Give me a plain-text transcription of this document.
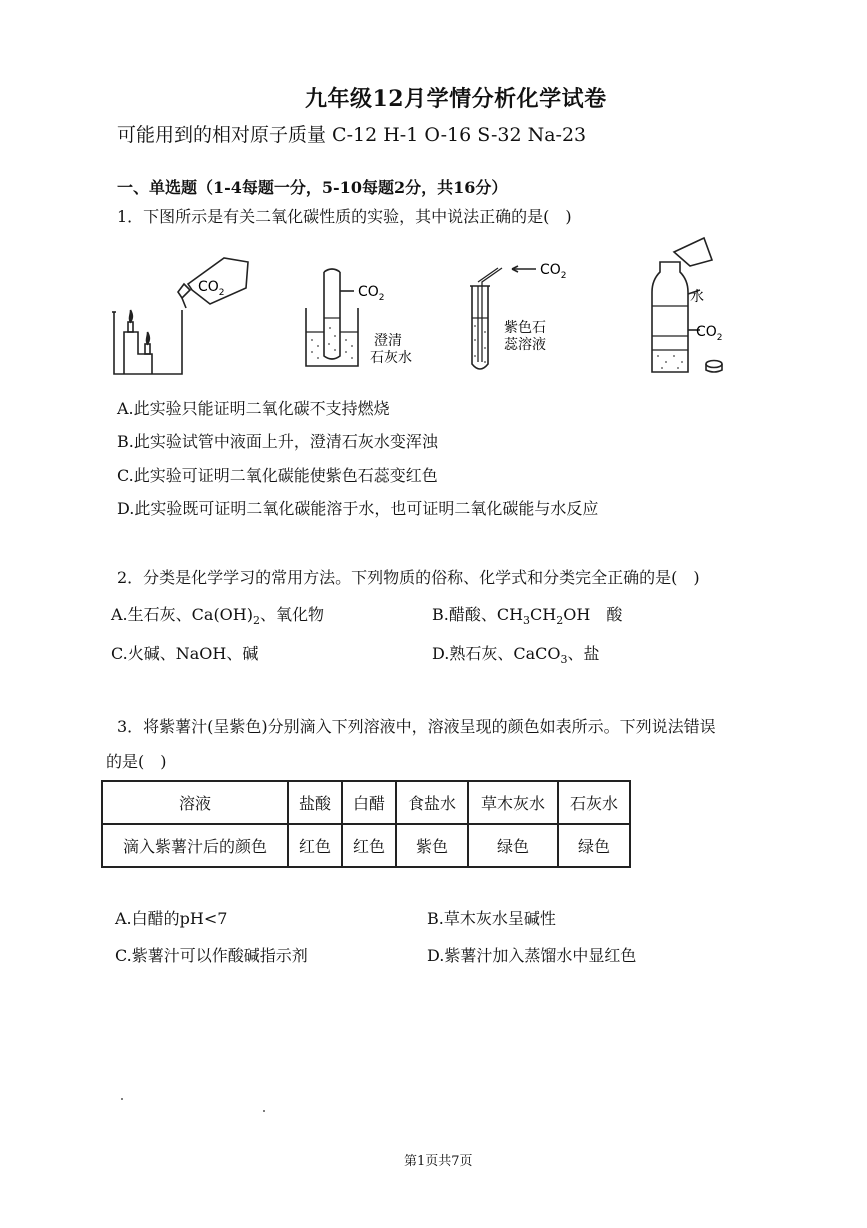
九年级12月学情分析化学试卷
可能用到的相对原子质量 C-12 H-1 O-16 S-32 Na-23
一、单选题（1-4每题一分，5-10每题2分，共16分）
1．下图所示是有关二氧化碳性质的实验，其中说法正确的是(　)
$CO_2$	$CO_2$
澄清
石灰水
$CO_2$
紫色石
蕊溶液
水
$CO_2$
A.此实验只能证明二氧化碳不支持燃烧
B.此实验试管中液面上升，澄清石灰水变浑浊
C.此实验可证明二氧化碳能使紫色石蕊变红色
D.此实验既可证明二氧化碳能溶于水，也可证明二氧化碳能与水反应
2．分类是化学学习的常用方法。下列物质的俗称、化学式和分类完全正确的是(　)
A.生石灰、$Ca(OH)_2$、氧化物	B.醋酸、$CH_3CH_2OH$　酸
C.火碱、NaOH、碱	D.熟石灰、CaCO$_3$、盐
3．将紫薯汁(呈紫色)分别滴入下列溶液中，溶液呈现的颜色如表所示。下列说法错误
的是(　)
溶液	盐酸	白醋	食盐水	草木灰水	石灰水
滴入紫薯汁后的颜色	红色	红色	紫色	绿色	绿色
A.白醋的pH<7	B.草木灰水呈碱性
C.紫薯汁可以作酸碱指示剂	D.紫薯汁加入蒸馏水中显红色
第1页共7页
